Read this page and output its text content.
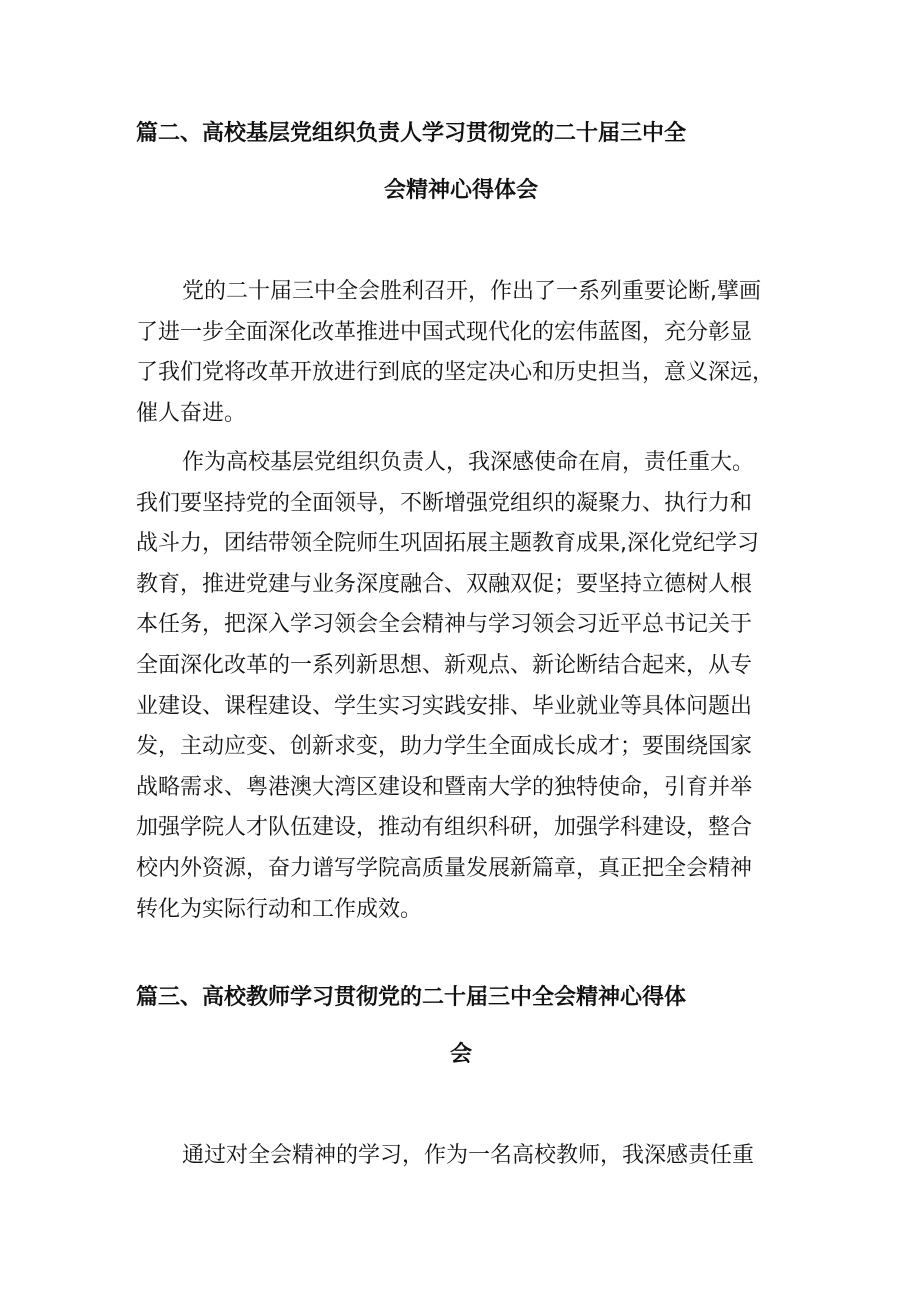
篇二、高校基层党组织负责人学习贯彻党的二十届三中全
会精神心得体会
党的二十届三中全会胜利召开，作出了一系列重要论断,擘画
了进一步全面深化改革推进中国式现代化的宏伟蓝图，充分彰显
了我们党将改革开放进行到底的坚定决心和历史担当，意义深远，
催人奋进。
作为高校基层党组织负责人，我深感使命在肩，责任重大。
我们要坚持党的全面领导，不断增强党组织的凝聚力、执行力和
战斗力，团结带领全院师生巩固拓展主题教育成果,深化党纪学习
教育，推进党建与业务深度融合、双融双促；要坚持立德树人根
本任务，把深入学习领会全会精神与学习领会习近平总书记关于
全面深化改革的一系列新思想、新观点、新论断结合起来，从专
业建设、课程建设、学生实习实践安排、毕业就业等具体问题出
发，主动应变、创新求变，助力学生全面成长成才；要围绕国家
战略需求、粤港澳大湾区建设和暨南大学的独特使命，引育并举
加强学院人才队伍建设，推动有组织科研，加强学科建设，整合
校内外资源，奋力谱写学院高质量发展新篇章，真正把全会精神
转化为实际行动和工作成效。
篇三、高校教师学习贯彻党的二十届三中全会精神心得体
会
通过对全会精神的学习，作为一名高校教师，我深感责任重
